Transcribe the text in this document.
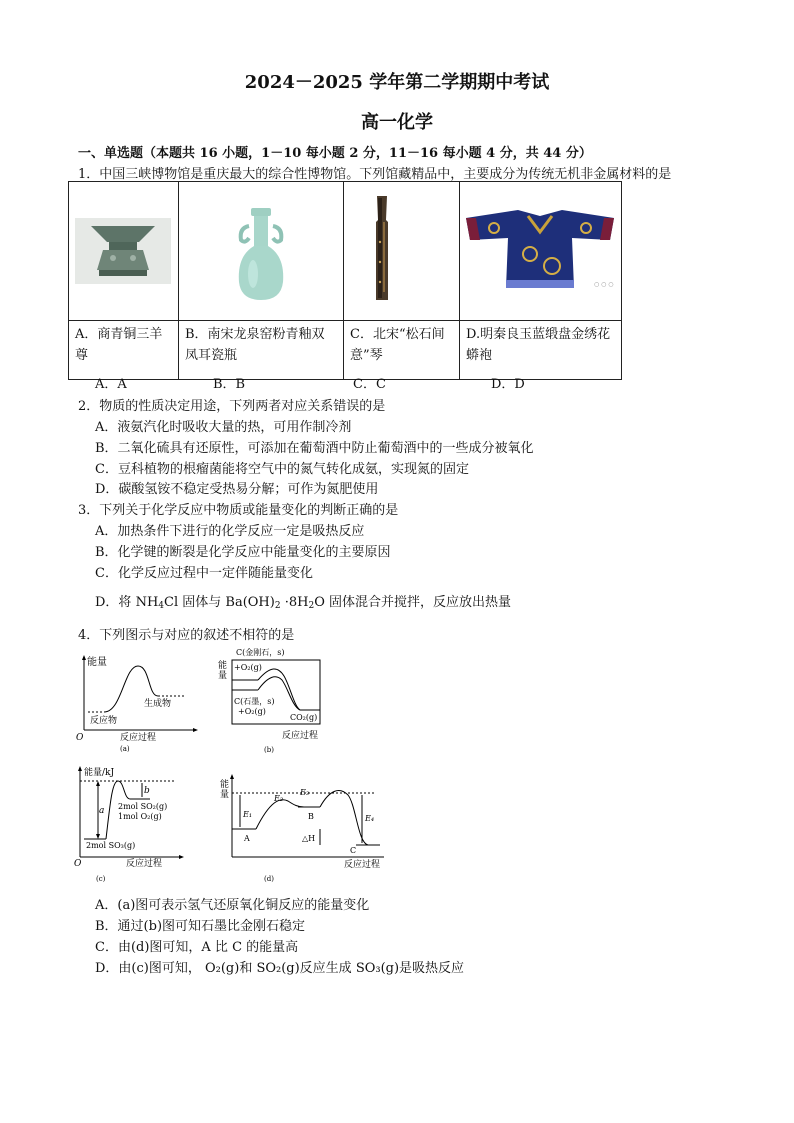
2024－2025 学年第二学期期中考试
高一化学
一、单选题（本题共 16 小题，1－10 每小题 2 分，11－16 每小题 4 分，共 44 分）
1．中国三峡博物馆是重庆最大的综合性博物馆。下列馆藏精品中，主要成分为传统无机非金属材料的是

○ ○ ○

A．商青铜三羊尊	B．南宋龙泉窑粉青釉双凤耳瓷瓶	C．北宋“松石间意”琴	D.明秦良玉蓝缎盘金绣花蟒袍
A．A	B．B	C．C	D．D
2．物质的性质决定用途，下列两者对应关系错误的是
A．液氨汽化时吸收大量的热，可用作制冷剂
B．二氧化硫具有还原性，可添加在葡萄酒中防止葡萄酒中的一些成分被氧化
C．豆科植物的根瘤菌能将空气中的氮气转化成氨，实现氮的固定
D．碳酸氢铵不稳定受热易分解；可作为氮肥使用
3．下列关于化学反应中物质或能量变化的判断正确的是
A．加热条件下进行的化学反应一定是吸热反应
B．化学键的断裂是化学反应中能量变化的主要原因
C．化学反应过程中一定伴随能量变化
D．将 $NH_4Cl$ 固体与 $Ba(OH)_2 \cdot 8H_2O$ 固体混合并搅拌，反应放出热量
4．下列图示与对应的叙述不相符的是
能量
反应物
生成物
O	反应过程
(a)
C(金刚石，s)
能
量
+O₂(g)
C(石墨，s)
+O₂(g)
CO₂(g)
反应过程
(b)
能量/kJ
a
b
2mol SO₂(g)
1mol O₂(g)
2mol SO₃(g)
O	反应过程
(c)
能
量
E₁
E₂
E₃
E₄
A
B
C
△H
反应过程
(d)
A．(a)图可表示氢气还原氧化铜反应的能量变化
B．通过(b)图可知石墨比金刚石稳定
C．由(d)图可知，A 比 C 的能量高
D．由(c)图可知， O₂(g)和 SO₂(g)反应生成 SO₃(g)是吸热反应
